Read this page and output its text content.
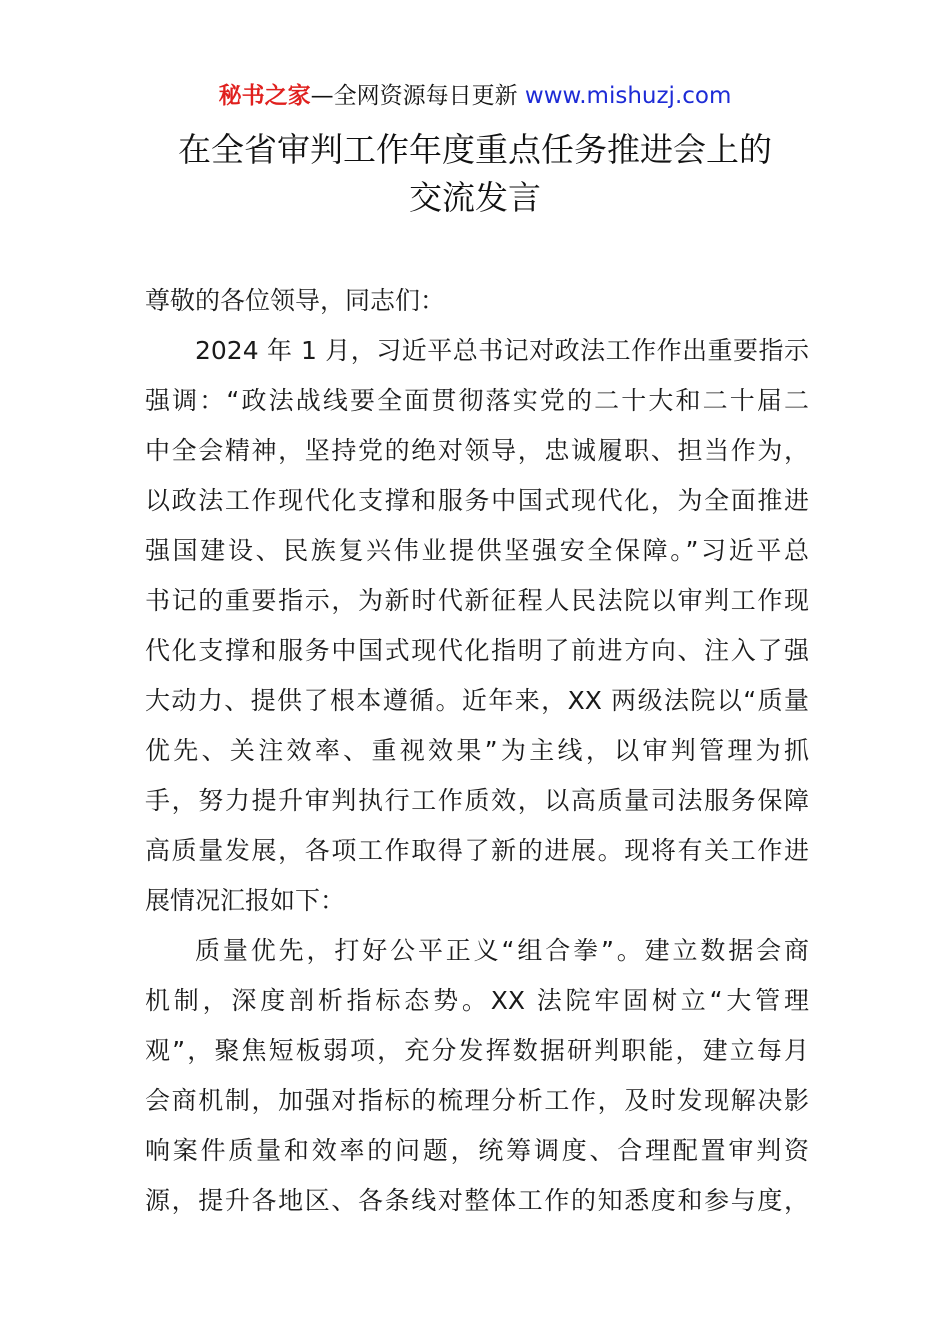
秘书之家—全网资源每日更新 www.mishuzj.com
在全省审判工作年度重点任务推进会上的
交流发言

尊敬的各位领导，同志们：

2024 年 1 月，习近平总书记对政法工作作出重要指示
强调：“政法战线要全面贯彻落实党的二十大和二十届二
中全会精神，坚持党的绝对领导，忠诚履职、担当作为，
以政法工作现代化支撑和服务中国式现代化，为全面推进
强国建设、民族复兴伟业提供坚强安全保障。”习近平总
书记的重要指示，为新时代新征程人民法院以审判工作现
代化支撑和服务中国式现代化指明了前进方向、注入了强
大动力、提供了根本遵循。近年来，XX 两级法院以“质量
优先、关注效率、重视效果”为主线，以审判管理为抓
手，努力提升审判执行工作质效，以高质量司法服务保障
高质量发展，各项工作取得了新的进展。现将有关工作进
展情况汇报如下：

质量优先，打好公平正义“组合拳”。建立数据会商
机制，深度剖析指标态势。XX 法院牢固树立“大管理
观”，聚焦短板弱项，充分发挥数据研判职能，建立每月
会商机制，加强对指标的梳理分析工作，及时发现解决影
响案件质量和效率的问题，统筹调度、合理配置审判资
源，提升各地区、各条线对整体工作的知悉度和参与度，
